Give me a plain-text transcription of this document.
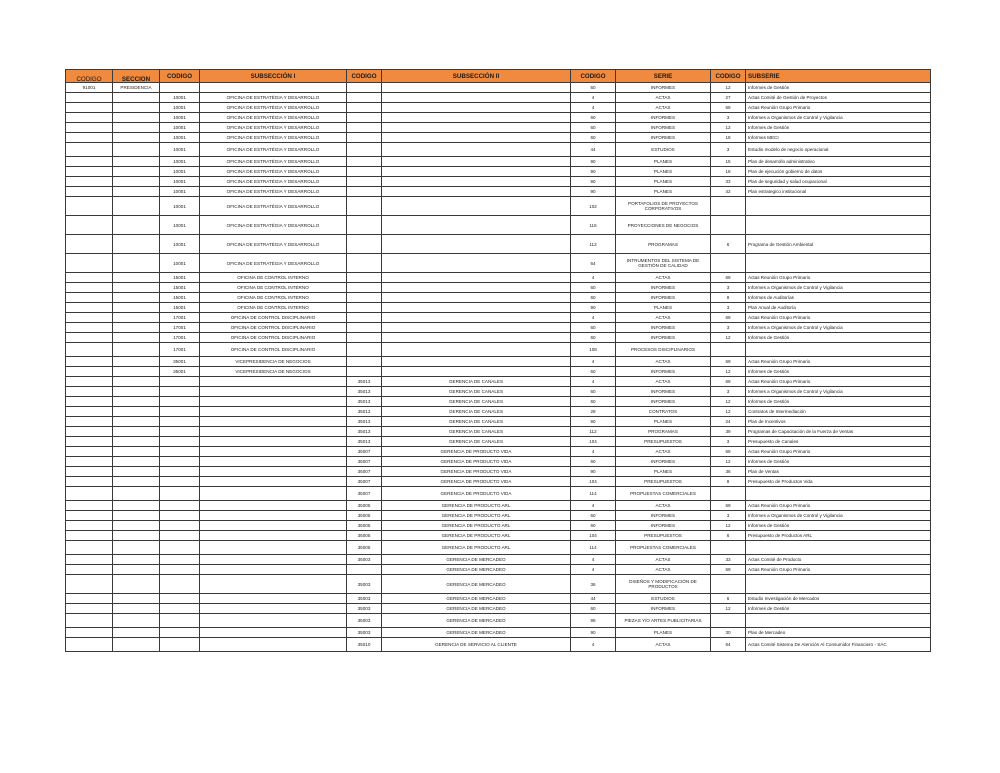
CODIGO	SECCION	CODIGO	SUBSECCIÓN I	CODIGO	SUBSECCIÓN II	CODIGO	SERIE	CODIGO	SUBSERIE
91001	PRESIDENCIA					60	INFORMES	12	Informes de Gestión
		10001	OFICINA DE ESTRATÉGIA Y DESARROLLO			4	ACTAS	27	Actas Comité de Gestión de Proyectos
		10001	OFICINA DE ESTRATÉGIA Y DESARROLLO			4	ACTAS	69	Actas Reunión Grupo Primario
		10001	OFICINA DE ESTRATÉGIA Y DESARROLLO			60	INFORMES	3	Informes a Organismos de Control y Vigilancia
		10001	OFICINA DE ESTRATÉGIA Y DESARROLLO			60	INFORMES	12	Informes de Gestión
		10001	OFICINA DE ESTRATÉGIA Y DESARROLLO			60	INFORMES	18	Informes MECI
		10001	OFICINA DE ESTRATÉGIA Y DESARROLLO			44	ESTUDIOS	3	Estudio modelo de negocio operacional
		10001	OFICINA DE ESTRATÉGIA Y DESARROLLO			90	PLANES	15	Plan de desarrollo administrativo
		10001	OFICINA DE ESTRATÉGIA Y DESARROLLO			90	PLANES	18	Plan de ejecución gobierno de datos
		10001	OFICINA DE ESTRATÉGIA Y DESARROLLO			90	PLANES	33	Plan de seguridad y salud ocupacional
		10001	OFICINA DE ESTRATÉGIA Y DESARROLLO			90	PLANES	42	Plan estrategico institucional
		10001	OFICINA DE ESTRATÉGIA Y DESARROLLO			102	PORTAFOLIOS DE PROYECTOS CORPORATIVOS		
		10001	OFICINA DE ESTRATÉGIA Y DESARROLLO			116	PROYECCIONES DE NEGOCIOS		
		10001	OFICINA DE ESTRATÉGIA Y DESARROLLO			112	PROGRAMAS	6	Programa de Gestión Ambiental
		10001	OFICINA DE ESTRATÉGIA Y DESARROLLO			64	INTRUMENTOS DEL SISTEMA DE GESTIÓN DE CALIDAD		
		15001	OFICINA DE CONTROL INTERNO			4	ACTAS	69	Actas Reunión Grupo Primario
		15001	OFICINA DE CONTROL INTERNO			60	INFORMES	3	Informes a Organismos de Control y Vigilancia
		15001	OFICINA DE CONTROL INTERNO			60	INFORMES	9	Informes de Auditorías
		15001	OFICINA DE CONTROL INTERNO			90	PLANES	3	Plan Anual de Auditoría
		17001	OFICINA DE CONTROL DISCIPLINARIO			4	ACTAS	69	Actas Reunión Grupo Primario
		17001	OFICINA DE CONTROL DISCIPLINARIO			60	INFORMES	3	Informes a Organismos de Control y Vigilancia
		17001	OFICINA DE CONTROL DISCIPLINARIO			60	INFORMES	12	Informes de Gestión
		17001	OFICINA DE CONTROL DISCIPLINARIO			108	PROCESOS DISCIPLINARIOS		
		35001	VICEPRESIDENCIA DE NEGOCIOS			4	ACTAS	69	Actas Reunión Grupo Primario
		35001	VICEPRESIDENCIA DE NEGOCIOS			60	INFORMES	12	Informes de Gestión
				35013	GERENCIA DE CANALES	4	ACTAS	69	Actas Reunión Grupo Primario
				35013	GERENCIA DE CANALES	60	INFORMES	3	Informes a Organismos de Control y Vigilancia
				35013	GERENCIA DE CANALES	60	INFORMES	12	Informes de Gestión
				35013	GERENCIA DE CANALES	28	CONTRATOS	12	Contratos de Intermediación
				35013	GERENCIA DE CANALES	90	PLANES	24	Plan de Incentivos
				35013	GERENCIA DE CANALES	112	PROGRAMAS	39	Programas de Capacitación de la Fuerza de Ventas
				35013	GERENCIA DE CANALES	104	PRESUPUESTOS	3	Presupuesto de Canales
				35007	GERENCIA DE PRODUCTO VIDA	4	ACTAS	69	Actas Reunión Grupo Primario
				35007	GERENCIA DE PRODUCTO VIDA	60	INFORMES	12	Informes de Gestión
				35007	GERENCIA DE PRODUCTO VIDA	90	PLANES	36	Plan de Ventas
				35007	GERENCIA DE PRODUCTO VIDA	104	PRESUPUESTOS	9	Presupuesto de Productos Vida
				35007	GERENCIA DE PRODUCTO VIDA	114	PROPUESTAS COMERCIALES		
				35005	GERENCIA DE PRODUCTO ARL	4	ACTAS	69	Actas Reunión Grupo Primario
				35005	GERENCIA DE PRODUCTO ARL	60	INFORMES	3	Informes a Organismos de Control y Vigilancia
				35005	GERENCIA DE PRODUCTO ARL	60	INFORMES	12	Informes de Gestión
				35005	GERENCIA DE PRODUCTO ARL	104	PRESUPUESTOS	6	Presupuesto de Productos ARL
				35005	GERENCIA DE PRODUCTO ARL	114	PROPUESTAS COMERCIALES		
				35003	GERENCIA DE MERCADEO	4	ACTAS	33	Actas Comité de Producto
					GERENCIA DE MERCADEO	4	ACTAS	69	Actas Reunión Grupo Primario
				35003	GERENCIA DE MERCADEO	36	DISEÑOS Y MODIFICACIÓN DE PRODUCTOS		
				35003	GERENCIA DE MERCADEO	44	ESTUDIOS	6	Estudio Investigación de Mercados
				35003	GERENCIA DE MERCADEO	60	INFORMES	12	Informes de Gestión
				35003	GERENCIA DE MERCADEO	88	PIEZAS Y/O ARTES PUBLICITARIAS		
				35003	GERENCIA DE MERCADEO	90	PLANES	30	Plan de Mercadeo
				35010	GERENCIA DE SERVICIO AL CLIENTE	4	ACTAS	54	Actas Comité Sistema De Atención Al Consumidor Financiero - SAC
